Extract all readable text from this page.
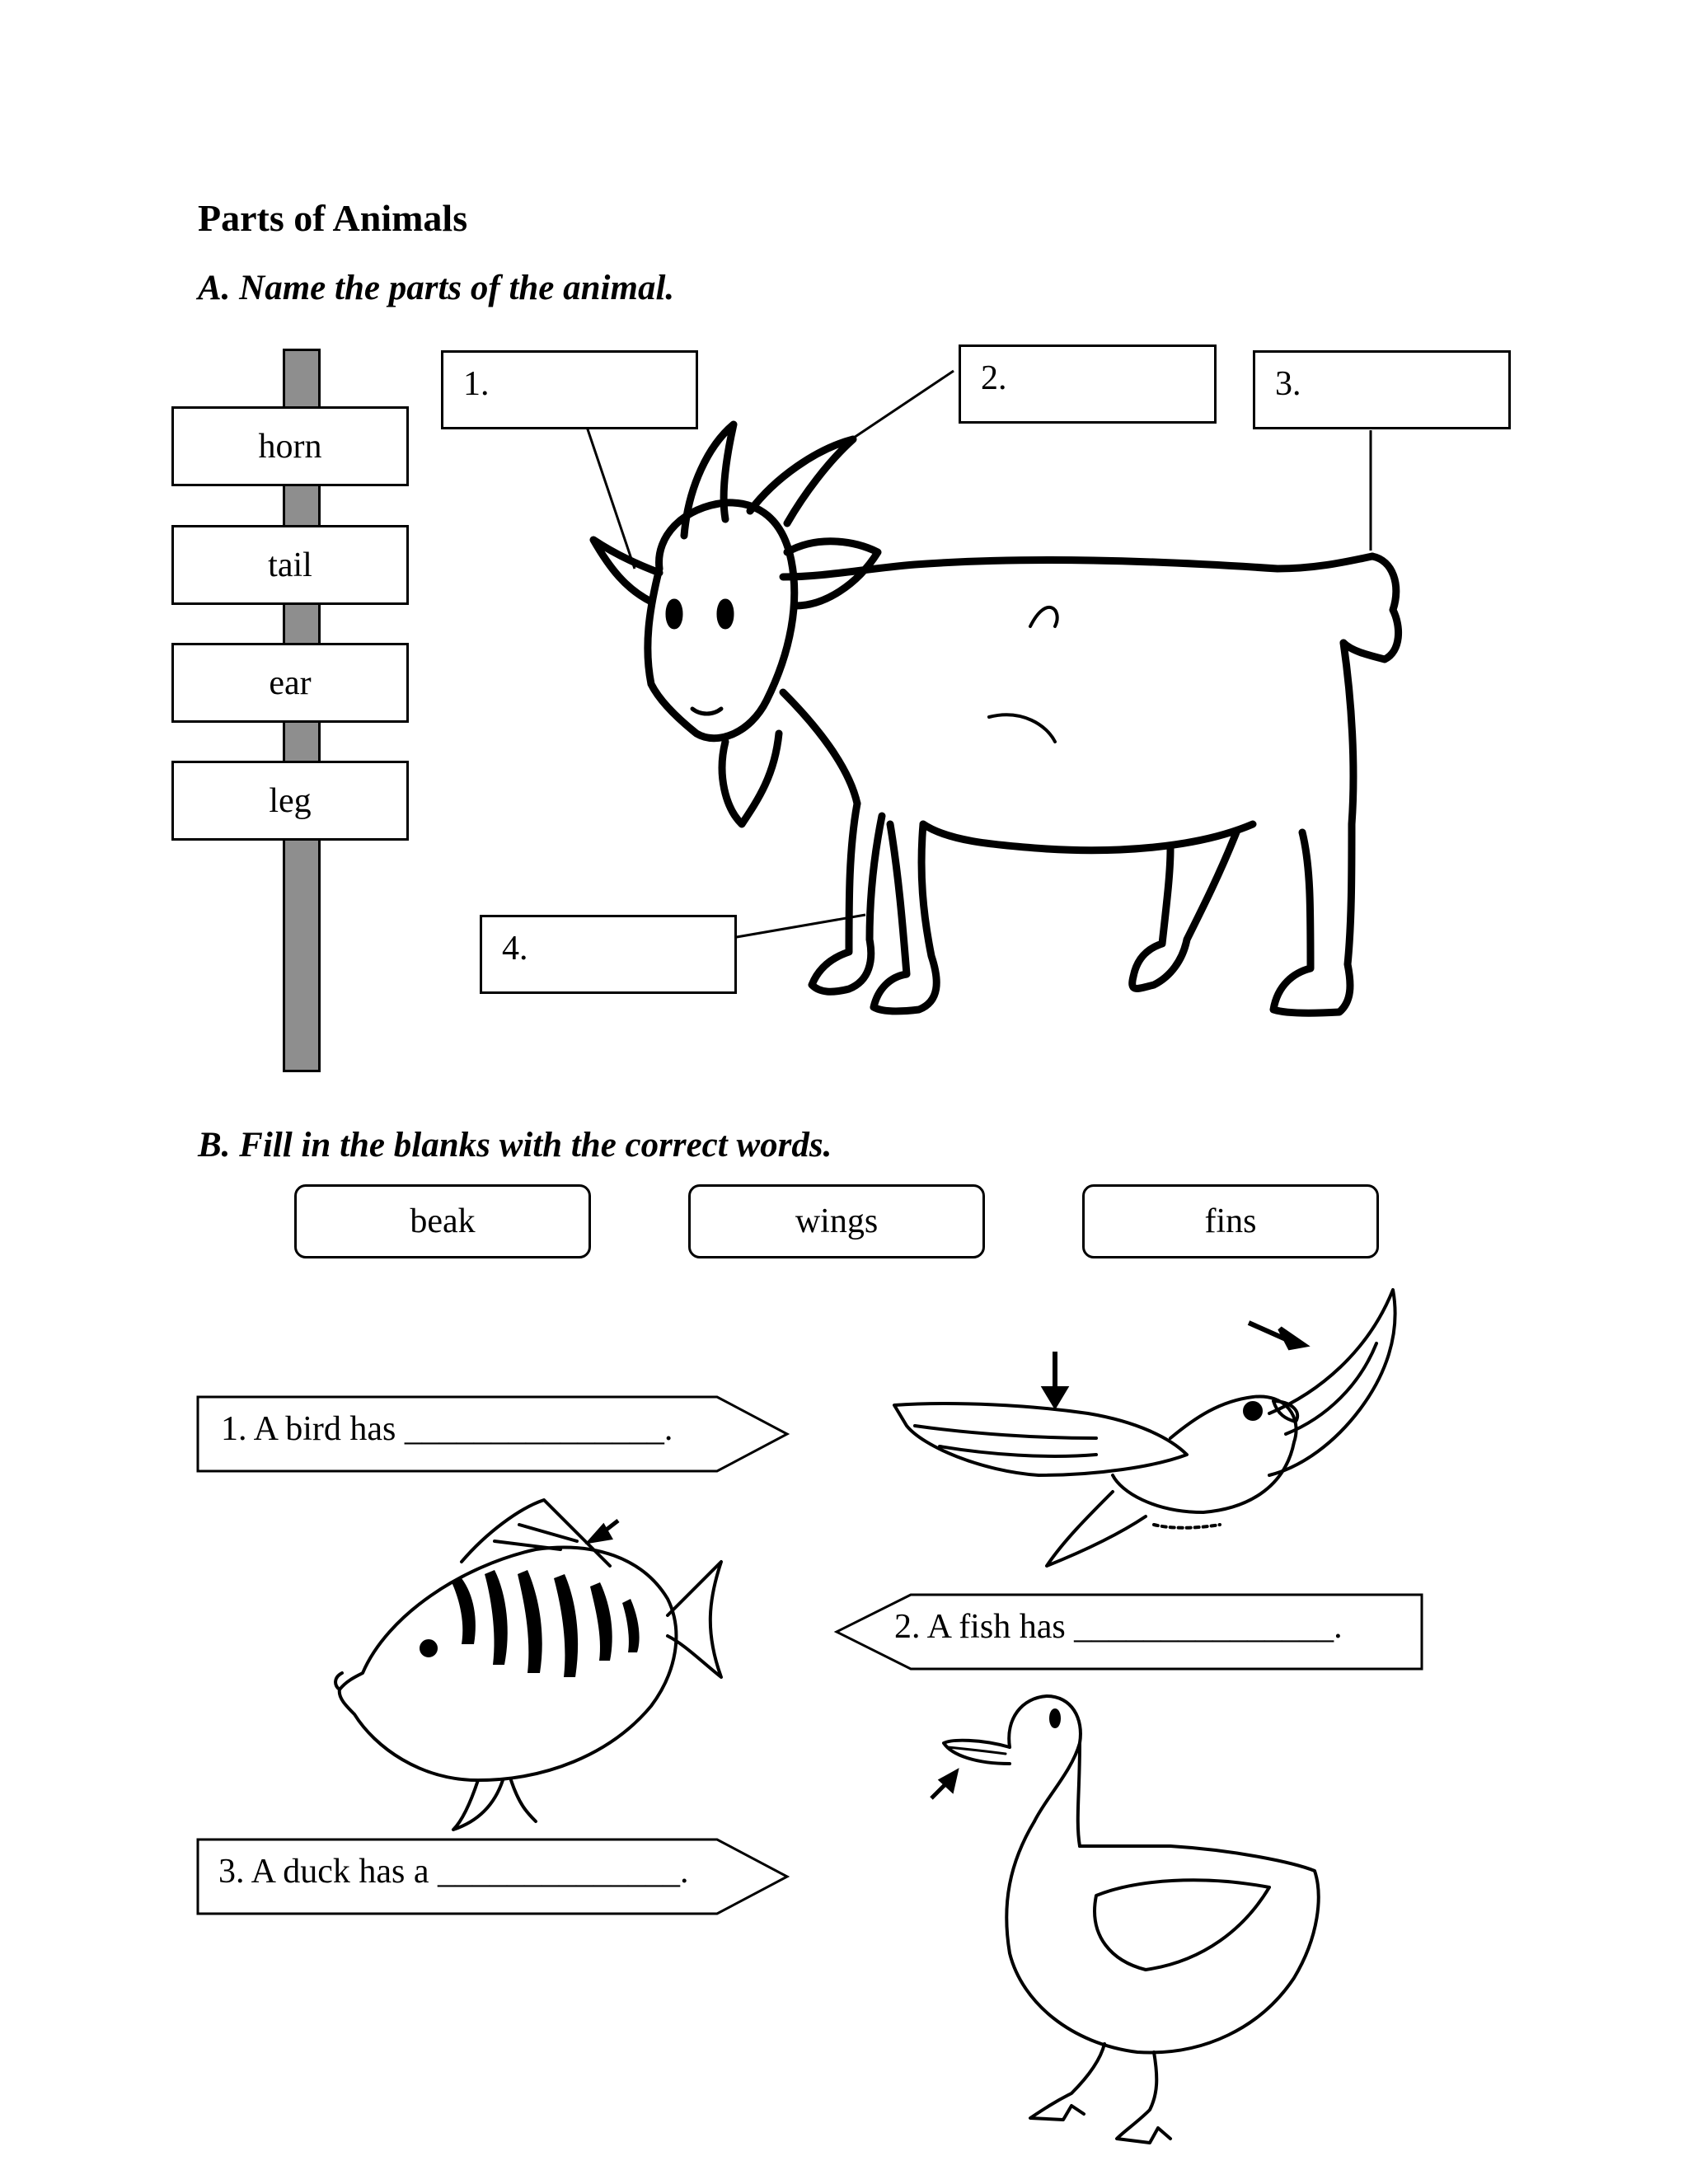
Parts of Animals
A. Name the parts of the animal.
horn
tail
ear
leg
1.	2.	3.
4.
B. Fill in the blanks with the correct words.
beak	wings	fins
1. A bird has _______________.
2. A fish has _______________.
3. A duck has a ______________.
